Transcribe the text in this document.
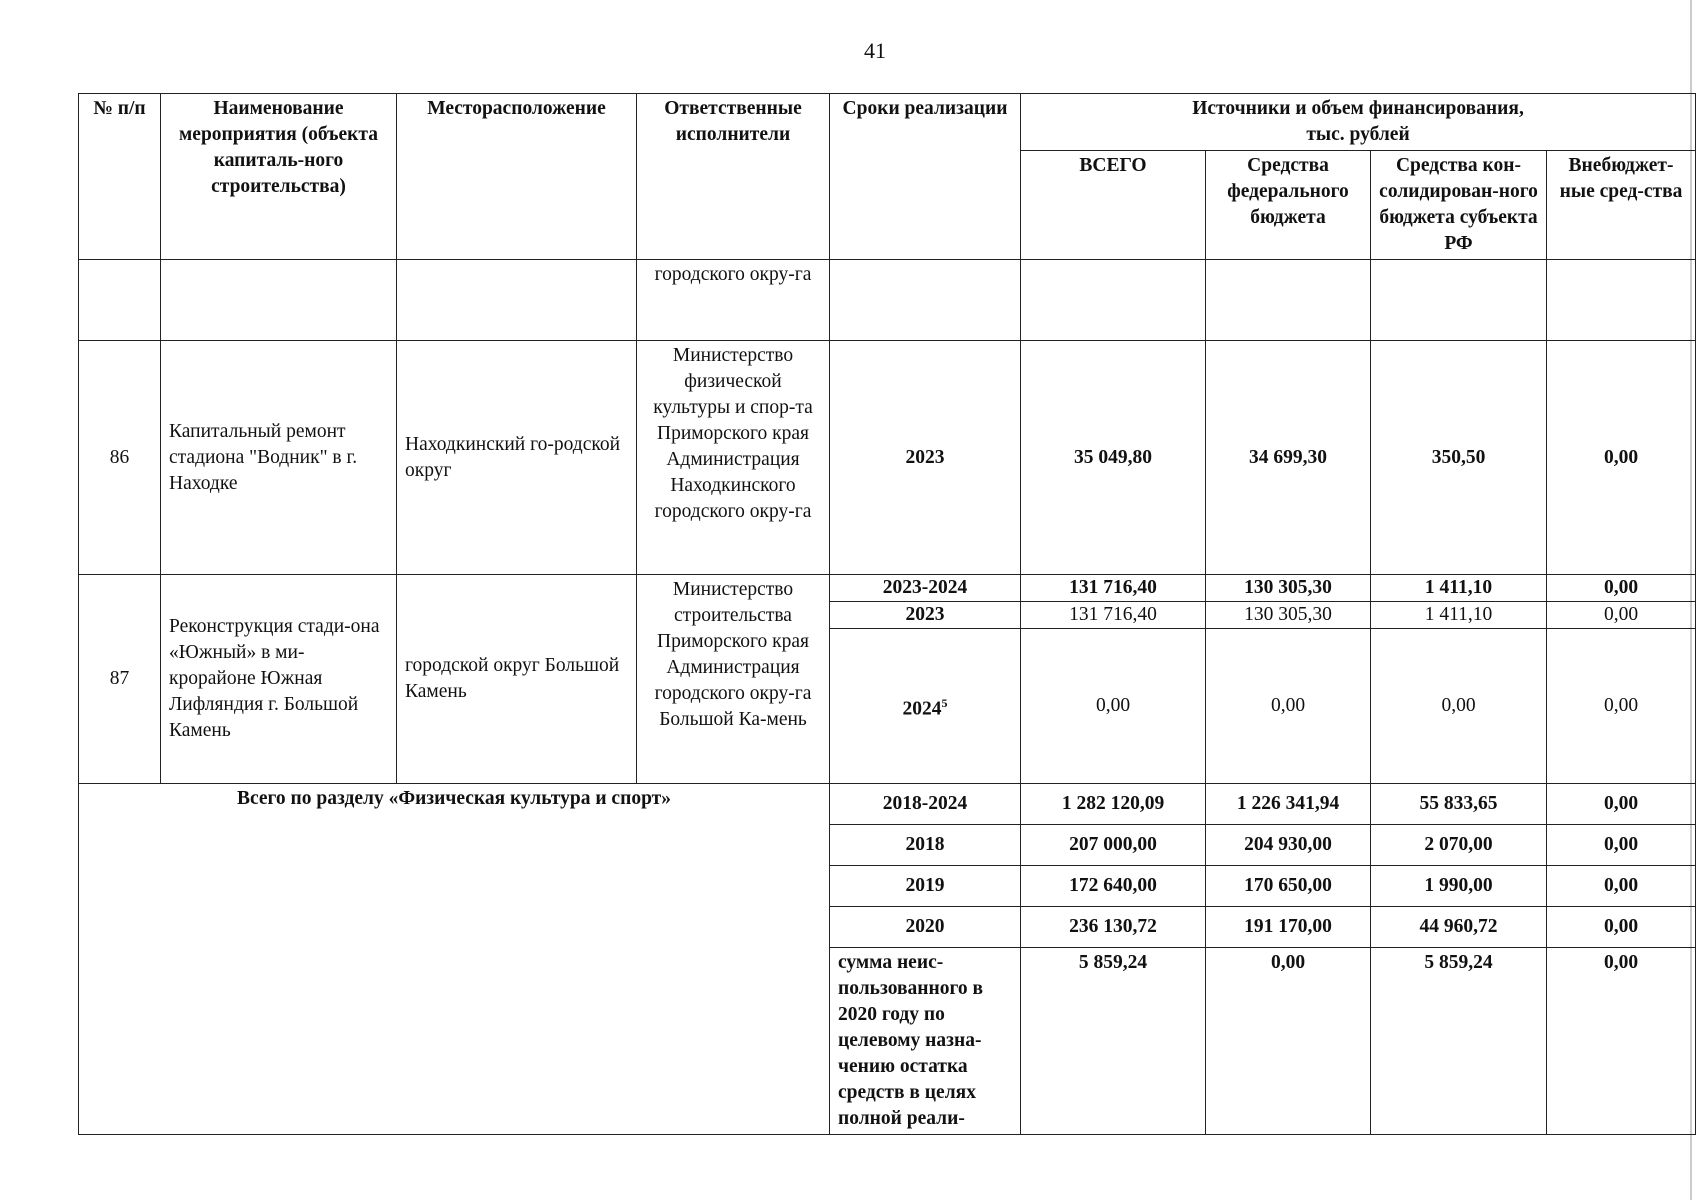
41
№ п/п	Наименование мероприятия (объекта капиталь-ного строительства)	Месторасположение	Ответственные исполнители	Сроки реализации	Источники и объем финансирования, тыс. рублей			
					ВСЕГО	Средства федерального бюджета	Средства кон-солидирован-ного бюджета субъекта РФ	Внебюджет-ные сред-ства
			городского окру-га					
86	Капитальный ремонт стадиона "Водник" в г. Находке	Находкинский го-родской округ	Министерство физической культуры и спор-та Приморского края Администрация Находкинского городского окру-га	2023	35 049,80	34 699,30	350,50	0,00
87	Реконструкция стади-она «Южный» в ми-крорайоне Южная Лифляндия г. Большой Камень	городской округ Большой Камень	Министерство строительства Приморского края Администрация городского окру-га Большой Ка-мень	2023-2024	131 716,40	130 305,30	1 411,10	0,00
				2023	131 716,40	130 305,30	1 411,10	0,00
				2024$^5$	0,00	0,00	0,00	0,00
Всего по разделу «Физическая культура и спорт»				2018-2024	1 282 120,09	1 226 341,94	55 833,65	0,00
				2018	207 000,00	204 930,00	2 070,00	0,00
				2019	172 640,00	170 650,00	1 990,00	0,00
				2020	236 130,72	191 170,00	44 960,72	0,00
				сумма неис-пользованного в 2020 году по целевому назна-чению остатка средств в целях полной реали-	5 859,24	0,00	5 859,24	0,00
